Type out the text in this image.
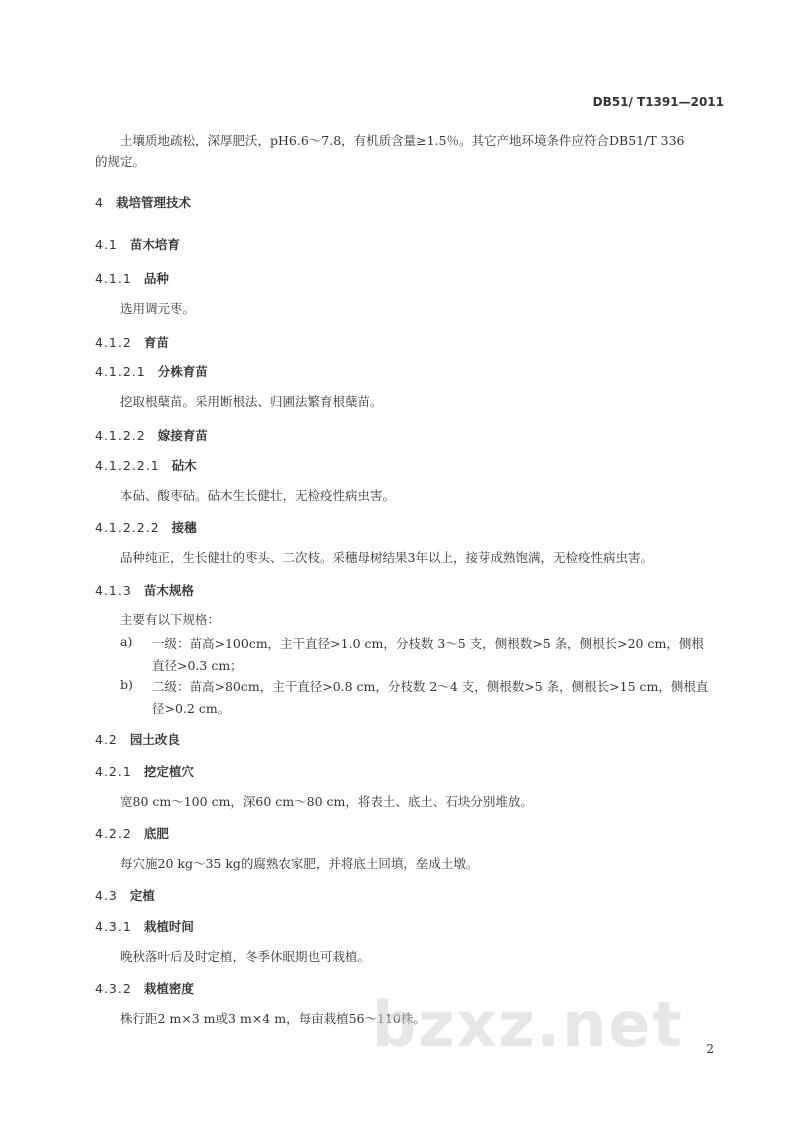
DB51/ T1391—2011
土壤质地疏松，深厚肥沃，pH6.6～7.8，有机质含量≥1.5％。其它产地环境条件应符合DB51/T 336
的规定。
4 栽培管理技术
4.1 苗木培育
4.1.1 品种
选用调元枣。
4.1.2 育苗
4.1.2.1 分株育苗
挖取根蘖苗。采用断根法、归圃法繁育根蘖苗。
4.1.2.2 嫁接育苗
4.1.2.2.1 砧木
本砧、酸枣砧。砧木生长健壮，无检疫性病虫害。
4.1.2.2.2 接穗
品种纯正，生长健壮的枣头、二次枝。采穗母树结果3年以上，接芽成熟饱满，无检疫性病虫害。
4.1.3 苗木规格
主要有以下规格：
a) 一级：苗高>100cm，主干直径>1.0 cm，分枝数 3～5 支，侧根数>5 条，侧根长>20 cm，侧根
直径>0.3 cm；
b) 二级：苗高>80cm，主干直径>0.8 cm，分枝数 2～4 支，侧根数>5 条，侧根长>15 cm，侧根直
径>0.2 cm。
4.2 园土改良
4.2.1 挖定植穴
宽80 cm～100 cm，深60 cm～80 cm，将表土、底土、石块分别堆放。
4.2.2 底肥
每穴施20 kg～35 kg的腐熟农家肥，并将底土回填，垒成土墩。
4.3 定植
4.3.1 栽植时间
晚秋落叶后及时定植，冬季休眠期也可栽植。
4.3.2 栽植密度
株行距2 m×3 m或3 m×4 m，每亩栽植56～110株。
bzxz.net 2
